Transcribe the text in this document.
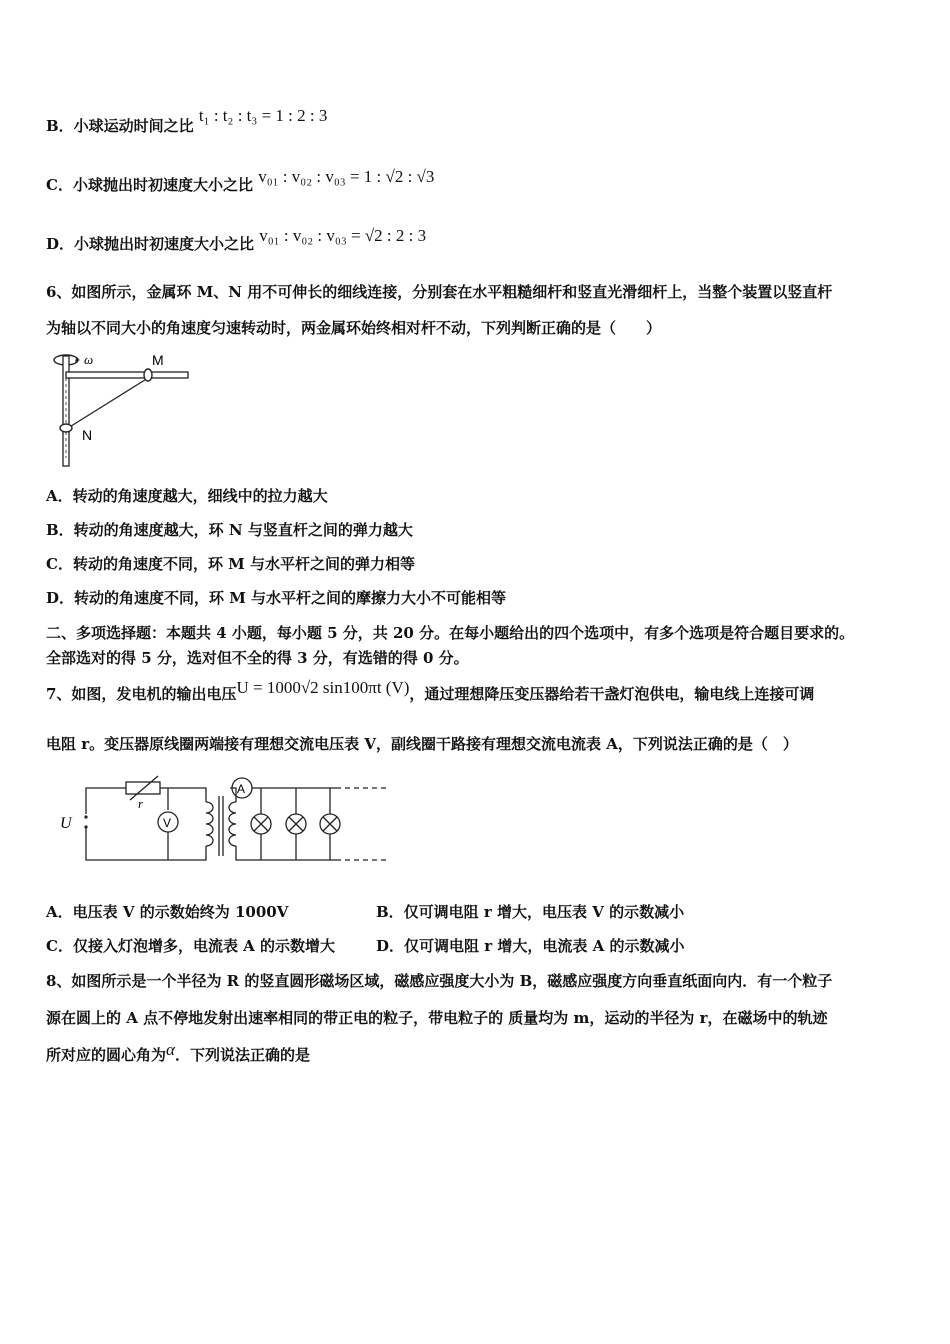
B．小球运动时间之比 t₁ : t₂ : t₃ = 1 : 2 : 3
C．小球抛出时初速度大小之比 v₀₁ : v₀₂ : v₀₃ = 1 : √2 : √3
D．小球抛出时初速度大小之比 v₀₁ : v₀₂ : v₀₃ = √2 : 2 : 3
6、如图所示，金属环 M、N 用不可伸长的细线连接，分别套在水平粗糙细杆和竖直光滑细杆上，当整个装置以竖直杆
为轴以不同大小的角速度匀速转动时，两金属环始终相对杆不动，下列判断正确的是（　　）
ω	M
N
A．转动的角速度越大，细线中的拉力越大
B．转动的角速度越大，环 N 与竖直杆之间的弹力越大
C．转动的角速度不同，环 M 与水平杆之间的弹力相等
D．转动的角速度不同，环 M 与水平杆之间的摩擦力大小不可能相等
二、多项选择题：本题共 4 小题，每小题 5 分，共 20 分。在每小题给出的四个选项中，有多个选项是符合题目要求的。
全部选对的得 5 分，选对但不全的得 3 分，有选错的得 0 分。
7、如图，发电机的输出电压U = 1000√2 sin100πt (V)，通过理想降压变压器给若干盏灯泡供电，输电线上连接可调
电阻 r。变压器原线圈两端接有理想交流电压表 V，副线圈干路接有理想交流电流表 A，下列说法正确的是（　）
U
r
V
A
A．电压表 V 的示数始终为 1000V	B．仅可调电阻 r 增大，电压表 V 的示数减小
C．仅接入灯泡增多，电流表 A 的示数增大	D．仅可调电阻 r 增大，电流表 A 的示数减小
8、如图所示是一个半径为 R 的竖直圆形磁场区域，磁感应强度大小为 B，磁感应强度方向垂直纸面向内．有一个粒子
源在圆上的 A 点不停地发射出速率相同的带正电的粒子，带电粒子的 质量均为 m，运动的半径为 r，在磁场中的轨迹
所对应的圆心角为α．下列说法正确的是
